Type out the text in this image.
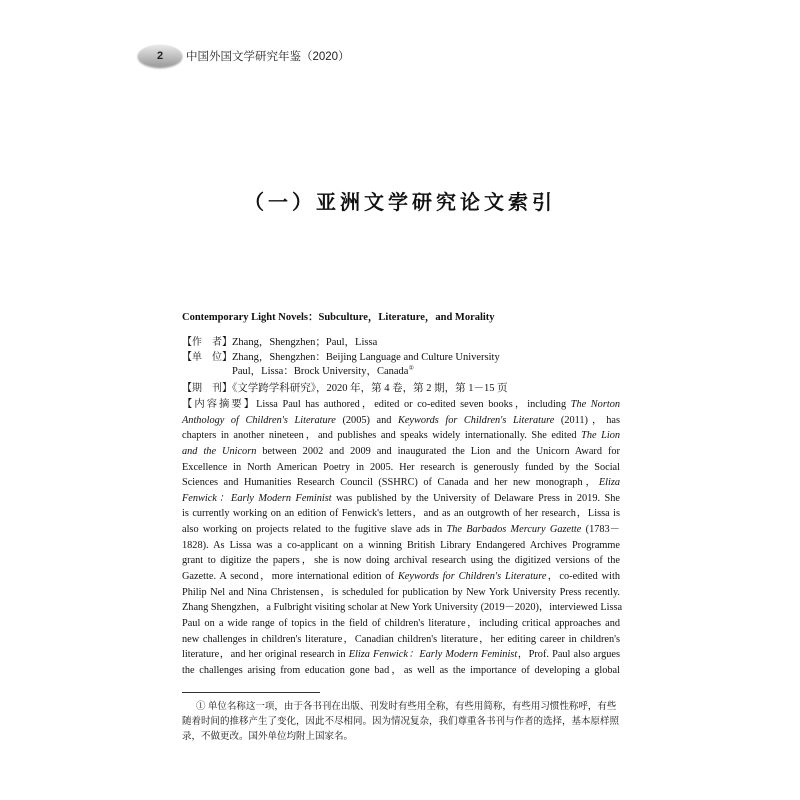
2	中国外国文学研究年鉴（2020）
（一）亚洲文学研究论文索引
Contemporary Light Novels：Subculture，Literature，and Morality
【作　者】Zhang，Shengzhen；Paul，Lissa
【单　位】Zhang，Shengzhen：Beijing Language and Culture University
Paul，Lissa：Brock University，Canada①
【期　刊】《文学跨学科研究》，2020 年，第 4 卷，第 2 期，第 1－15 页
【内容摘要】Lissa Paul has authored，edited or co-edited seven books，including The Norton
Anthology of Children's Literature (2005) and Keywords for Children's Literature (2011)，has
chapters in another nineteen，and publishes and speaks widely internationally. She edited The Lion
and the Unicorn between 2002 and 2009 and inaugurated the Lion and the Unicorn Award for
Excellence in North American Poetry in 2005. Her research is generously funded by the Social
Sciences and Humanities Research Council (SSHRC) of Canada and her new monograph，Eliza
Fenwick：Early Modern Feminist was published by the University of Delaware Press in 2019. She
is currently working on an edition of Fenwick's letters，and as an outgrowth of her research，Lissa is
also working on projects related to the fugitive slave ads in The Barbados Mercury Gazette (1783－
1828). As Lissa was a co-applicant on a winning British Library Endangered Archives Programme
grant to digitize the papers，she is now doing archival research using the digitized versions of the
Gazette. A second，more international edition of Keywords for Children's Literature，co-edited with
Philip Nel and Nina Christensen，is scheduled for publication by New York University Press recently.
Zhang Shengzhen，a Fulbright visiting scholar at New York University (2019－2020)，interviewed Lissa
Paul on a wide range of topics in the field of children's literature，including critical approaches and
new challenges in children's literature，Canadian children's literature，her editing career in children's
literature，and her original research in Eliza Fenwick：Early Modern Feminist，Prof. Paul also argues
the challenges arising from education gone bad，as well as the importance of developing a global
① 单位名称这一项，由于各书刊在出版、刊发时有些用全称，有些用简称，有些用习惯性称呼，有些随着时间的推移产生了变化，因此不尽相同。因为情况复杂，我们尊重各书刊与作者的选择，基本原样照录，不做更改。国外单位均附上国家名。
